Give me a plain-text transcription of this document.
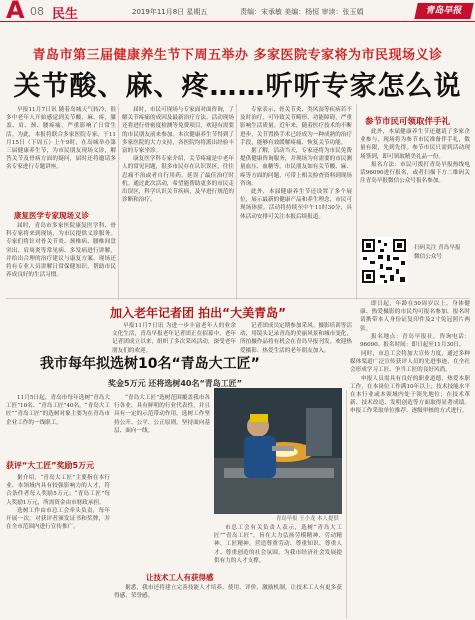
A 08 民生	2019年11月8日 星期五	责编：宋承敏 美编：杨恒 审读：张玉娟	青岛早报
青岛市第三届健康养生节下周五举办 多家医院专家将为市民现场义诊
关节酸、麻、疼……听听专家怎么说

早报11月7日讯 随着岛城天气转冷，很多中老年人开始感觉到关节酸、麻、疼，膝盖、肩、颈、腰疼痛，严重影响了日常生活。为此，本报将联合多家医院专家，于11月15日（下周五）上午9时，在岛城举办第三届健康养生节，为市民朋友现场义诊，解答关节及骨病方面的疑问，届时还将邀请多名专家进行专题讲座。

康复医学专家现场义诊

届时，青岛市多家医院康复医学科、骨科专家将来到现场，为市民提供义诊服务。专家们将针对骨关节炎、颈椎病、腰椎间盘突出、肩周炎等常见病、多发病进行讲解，并给出合理的治疗建议与康复方案。现场还将有专业人员讲解日常保健知识，帮助市民养成良好的生活习惯。

届时，市民可现场与专家面对面咨询，了解关节疼痛的成因及最新治疗方法。活动现场还将进行骨密度检测等免费项目，欢迎有需要的市民朋友前来参加。本次健康养生节得到了多家医院的大力支持，各医院均将派出经验丰富的专家坐诊。

康复医学科专家介绍，关节疼痛是中老年人的常见问题，很多市民存在认识误区，往往忍痛不治或者自行用药，延误了最佳治疗时机。通过此次活动，希望能帮助更多的市民走出误区，科学认识关节疾病，及早进行规范的诊断和治疗。

专家表示，骨关节炎、类风湿等疾病若不及时治疗，可导致关节畸形、功能障碍，严重影响生活质量。近年来，随着医疗技术的不断进步，关节置换手术已经成为一种成熟的治疗手段，能够有效缓解疼痛、恢复关节功能。

据了解，活动当天，专家还将为市民免费提供健康咨询服务，并现场为有需要的市民测量血压、血糖等。市民朋友如有关节酸、麻、疼等方面的问题，可带上相关检查资料到现场咨询。

此外，本届健康养生节还设置了多个展位，展示最新的健康产品和养生理念，市民可现场体验。活动将持续至中午11时30分，具体活动安排可关注本报后续报道。

参节市民可领取伴手礼

此外，本届健康养生节还邀请了多家企业参与，现场将为参节市民准备伴手礼，数量有限，先到先得。参节市民只需到活动现场签到，即可领取精美礼品一份。

报名方法：市民可拨打青岛早报热线电话96090进行报名，或者扫描下方二维码关注青岛早报微信公众号报名参加。

扫码关注 青岛早报 微信公众号
加入老年记者团 拍出“大美青岛”

早报11月7日讯 为进一步丰富老年人的业余文化生活，青岛早报老年记者团正在招募中。老年记者团成立以来，组织了多次采风活动，深受老年朋友们的欢迎。

记者团成员定期参加采风、摄影培训等活动，用镜头记录青岛的美丽风景和城市变化，所拍摄作品将有机会在青岛早报刊发。欢迎热爱摄影、热爱生活的老年朋友加入。

即日起，年龄在50周岁以上、身体健康、热爱摄影的市民均可报名参加，报名时请携带本人身份证复印件及2寸免冠照片两张。

报名地点：青岛早报社。咨询电话：96090。报名时间：即日起至11月30日。

我市每年拟选树10名“青岛大工匠”
奖金5万元 还将选树40名“青岛工匠”

11月5日起，青岛市每年选树“青岛大工匠”10名、“青岛工匠”40名。“青岛大工匠”“青岛工匠”的选树对象主要为在青岛市企业工作的一线职工。

获评“大工匠”奖励5万元

据介绍，“青岛大工匠”主要指在本行业、本领域内具有较强影响力的人才，符合条件者每人奖励5万元；“青岛工匠”每人奖励1万元，所需资金由市财政承担。

选树工作由市总工会牵头负责，每年开展一次。对获评者颁发证书和奖牌，并在全市范围内进行宣传推广。

“青岛大工匠”选树范围覆盖我市各行各业，具有鲜明的行业代表性，并且具有一定的示范带动作用。选树工作坚持公开、公平、公正原则，坚持面向基层、面向一线。

青岛早报 王小龙 本人提供

市总工会有关负责人表示，选树“青岛大工匠”“青岛工匠”，旨在大力弘扬劳模精神、劳动精神、工匠精神，营造尊重劳动、尊重知识、尊重人才、尊重创造的社会氛围，为我市经济社会发展提供有力的人才支撑。

让技术工人有获得感

据悉，我市还将建立完善技能人才培养、使用、评价、激励机制，让技术工人有更多获得感、荣誉感。

同时，市总工会将加大宣传力度，通过多种媒体渠道广泛宣传获评人员的先进事迹，在全社会形成学习工匠、争当工匠的良好风尚。

申报人员需具有良好的职业道德，热爱本职工作，在本岗位工作满10年以上；技术技能水平在本行业或本领域内处于领先地位；在技术革新、技术改造、发明创造等方面取得显著成绩。申报工作采取单位推荐、逐级审核的方式进行。
